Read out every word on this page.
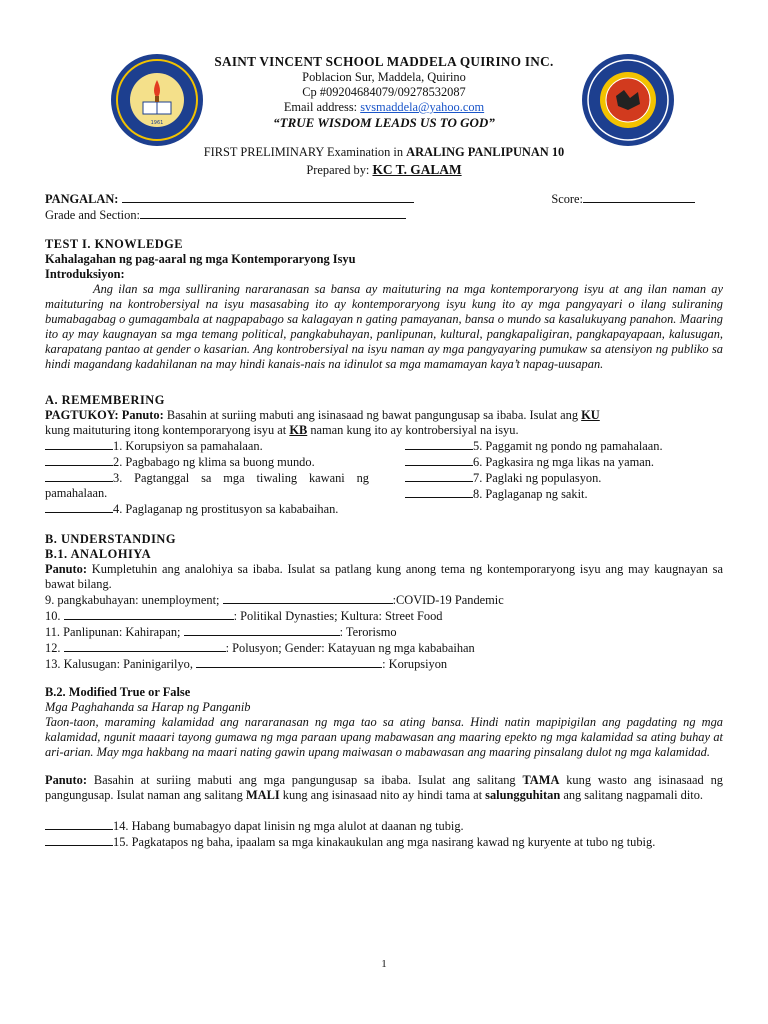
1961
SAINT VINCENT SCHOOL MADDELA QUIRINO INC.
Poblacion Sur, Maddela, Quirino
Cp #09204684079/09278532087
Email address: svsmaddela@yahoo.com
“TRUE WISDOM LEADS US TO GOD”
FIRST PRELIMINARY Examination in ARALING PANLIPUNAN 10
Prepared by: KC T. GALAM
PANGALAN:	Score:
Grade and Section:

TEST I. KNOWLEDGE

Kahalagahan ng pag-aaral ng mga Kontemporaryong Isyu

Introduksiyon:

Ang ilan sa mga sulliraning nararanasan sa bansa ay maituturing na mga kontemporaryong isyu at ang ilan naman ay maituturing na kontrobersiyal na isyu masasabing ito ay kontemporaryong isyu kung ito ay mga pangyayari o ilang suliraning bumabagabag o gumagambala at nagpapabago sa kalagayan n gating pamayanan, bansa o mundo sa kasalukuyang panahon. Maaring ito ay may kaugnayan sa mga temang political, pangkabuhayan, panlipunan, kultural, pangkapaligiran, pangkapayapaan, kalusugan, karapatang pantao at gender o kasarian. Ang kontrobersiyal na isyu naman ay mga pangyayaring pumukaw sa atensiyon ng publiko sa hindi magandang kadahilanan na may hindi kanais-nais na idinulot sa mga mamamayan kaya’t napag-uusapan.

A. REMEMBERING

PAGTUKOY: Panuto: Basahin at suriing mabuti ang isinasaad ng bawat pangungusap sa ibaba. Isulat ang KU

kung maituturing itong kontemporaryong isyu at KB naman kung ito ay kontrobersiyal na isyu.

1. Korupsiyon sa pamahalaan.

2. Pagbabago ng klima sa buong mundo.

3. Pagtanggal sa mga tiwaling kawani ng pamahalaan.

4. Paglaganap ng prostitusyon sa kababaihan.

5. Paggamit ng pondo ng pamahalaan.

6. Pagkasira ng mga likas na yaman.

7. Paglaki ng populasyon.

8. Paglaganap ng sakit.

B. UNDERSTANDING

B.1. ANALOHIYA

Panuto: Kumpletuhin ang analohiya sa ibaba. Isulat sa patlang kung anong tema ng kontemporaryong isyu ang may kaugnayan sa bawat bilang.

9. pangkabuhayan: unemployment;	:COVID-19 Pandemic

10.	: Politikal Dynasties; Kultura: Street Food

11. Panlipunan: Kahirapan;	: Terorismo

12.	: Polusyon; Gender: Katayuan ng mga kababaihan

13. Kalusugan: Paninigarilyo,	: Korupsiyon

B.2. Modified True or False

Mga Paghahanda sa Harap ng Panganib

Taon-taon, maraming kalamidad ang nararanasan ng mga tao sa ating bansa. Hindi natin mapipigilan ang pagdating ng mga kalamidad, ngunit maaari tayong gumawa ng mga paraan upang mabawasan ang maaring epekto ng mga kalamidad sa ating buhay at ari-arian. May mga hakbang na maari nating gawin upang maiwasan o mabawasan ang maaring pinsalang dulot ng mga kalamidad.

Panuto: Basahin at suriing mabuti ang mga pangungusap sa ibaba. Isulat ang salitang TAMA kung wasto ang isinasaad ng pangungusap. Isulat naman ang salitang MALI kung ang isinasaad nito ay hindi tama at salungguhitan ang salitang nagpamali dito.

14. Habang bumabagyo dapat linisin ng mga alulot at daanan ng tubig.

15. Pagkatapos ng baha, ipaalam sa mga kinakaukulan ang mga nasirang kawad ng kuryente at tubo ng tubig.

1
